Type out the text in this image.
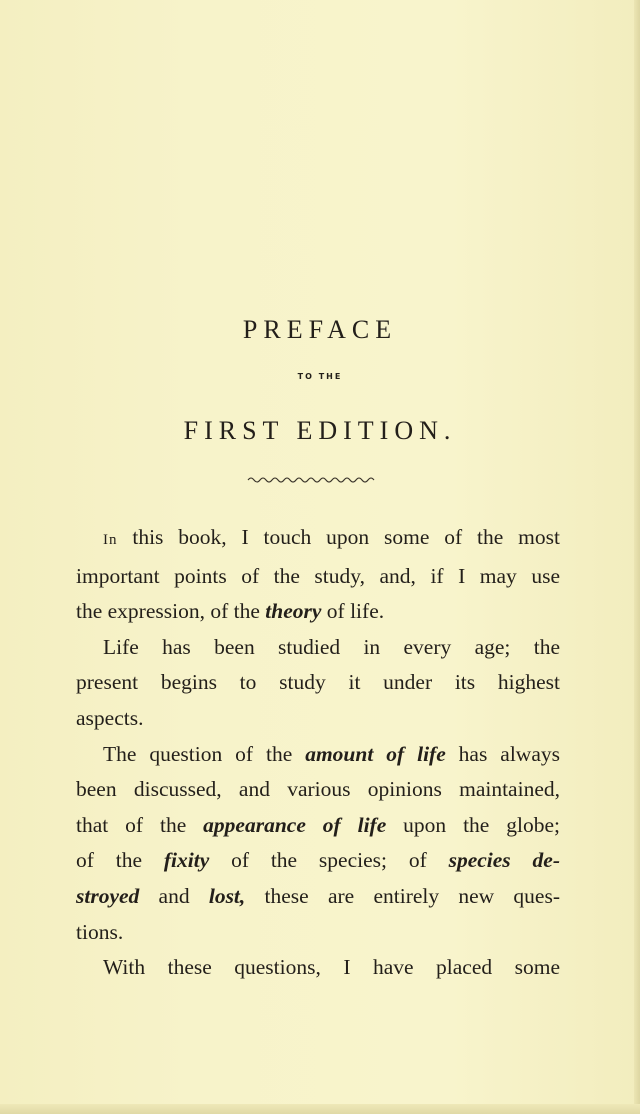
PREFACE
TO THE
FIRST EDITION.

In this book, I touch upon some of the most
important points of the study, and, if I may use
the expression, of the theory of life.

Life has been studied in every age; the
present begins to study it under its highest
aspects.

The question of the amount of life has always
been discussed, and various opinions maintained,
that of the appearance of life upon the globe;
of the fixity of the species; of species de-
stroyed and lost, these are entirely new ques-
tions.

With these questions, I have placed some
